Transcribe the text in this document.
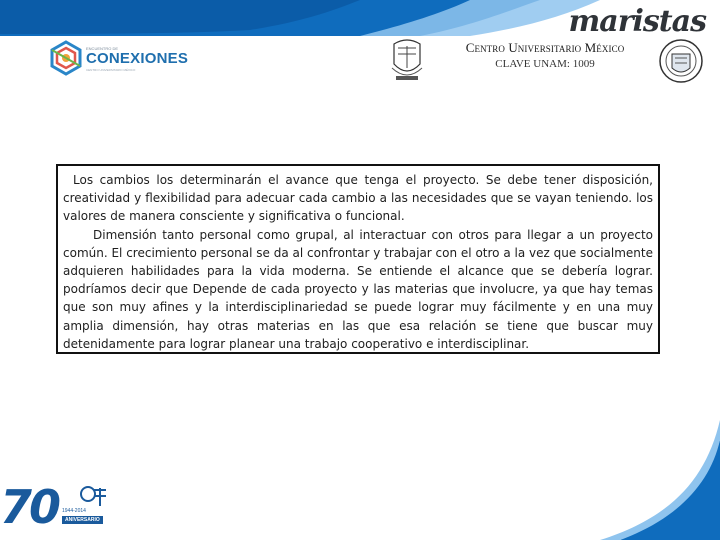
maristas
ENCUENTRO DE
CONEXIONES
CENTRO UNIVERSITARIO MÉXICO
Centro Universitario México
CLAVE UNAM: 1009

Los cambios los determinarán el avance que tenga el proyecto. Se debe tener disposición, creatividad y flexibilidad para adecuar cada cambio a las necesidades que se vayan teniendo. los valores de manera consciente y significativa o funcional.

Dimensión tanto personal como grupal, al interactuar con otros para llegar a un proyecto común. El crecimiento personal se da al confrontar y trabajar con el otro a la vez que socialmente adquieren habilidades para la vida moderna. Se entiende el alcance que se debería lograr. podríamos decir que Depende de cada proyecto y las materias que involucre, ya que hay temas que son muy afines y la interdisciplinariedad se puede lograr muy fácilmente y en una muy amplia dimensión, hay otras materias en las que esa relación se tiene que buscar muy detenidamente para lograr planear una trabajo cooperativo e interdisciplinar.

70 1944-2014
ANIVERSARIO
